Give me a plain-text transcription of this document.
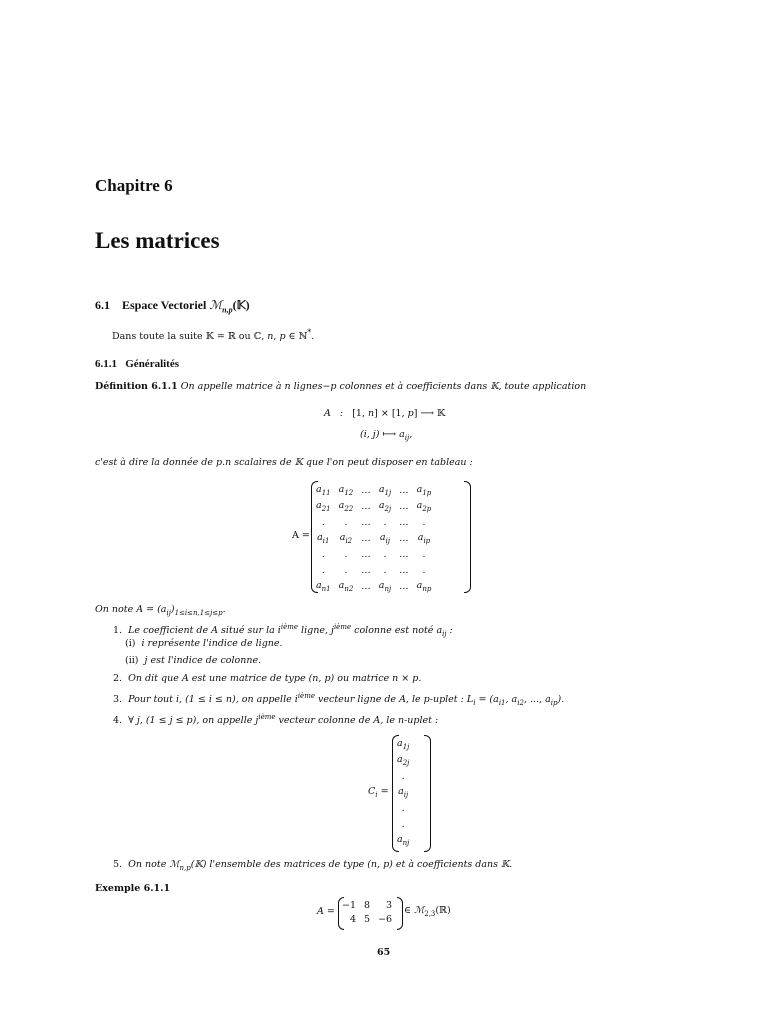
Chapitre 6
Les matrices
6.1 Espace Vectoriel ℳ$_{n,p}$(𝕂)
Dans toute la suite 𝕂 = ℝ ou ℂ, n, p ∈ ℕ*.
6.1.1 Généralités
Définition 6.1.1 On appelle matrice à n lignes−p colonnes et à coefficients dans 𝕂, toute application
A   :   [1, n] × [1, p] ⟶ 𝕂
(i, j) ⟼ $a_{ij}$,
c'est à dire la donnée de p.n scalaires de 𝕂 que l'on peut disposer en tableau :
A =
$a_{11}$	$a_{12}$	…	$a_{1j}$	…	$a_{1p}$
$a_{21}$	$a_{22}$	…	$a_{2j}$	…	$a_{2p}$
.	.	…	.	…	.
$a_{i1}$	$a_{i2}$	…	$a_{ij}$	…	$a_{ip}$
.	.	…	.	…	.
.	.	…	.	…	.
$a_{n1}$	$a_{n2}$	…	$a_{nj}$	…	$a_{np}$
On note $A = (a_{ij})_{1\le i\le n,1\le j\le p}$.
1.  Le coefficient de A situé sur la $i^{ième}$ ligne, $j^{ième}$ colonne est noté $a_{ij}$ :
(i)  i représente l'indice de ligne.
(ii)  j est l'indice de colonne.
2.  On dit que A est une matrice de type (n, p) ou matrice n × p.
3.  Pour tout i, (1 ≤ i ≤ n), on appelle $i^{ième}$ vecteur ligne de A, le p-uplet : $L_i = (a_{i1}$, $a_{i2}$, ..., $a_{ip}$).
4.  ∀ j, (1 ≤ j ≤ p), on appelle $j^{ième}$ vecteur colonne de A, le n-uplet :
$C_i$ =
$a_{1j}$
$a_{2j}$
.
$a_{ij}$
.
.
$a_{nj}$
5.  On note ℳ$_{n,p}$(𝕂) l'ensemble des matrices de type (n, p) et à coefficients dans 𝕂.
Exemple 6.1.1
A =
−1	8	3
4	5	−6
∈ ℳ$_{2,3}$(ℝ)
65
